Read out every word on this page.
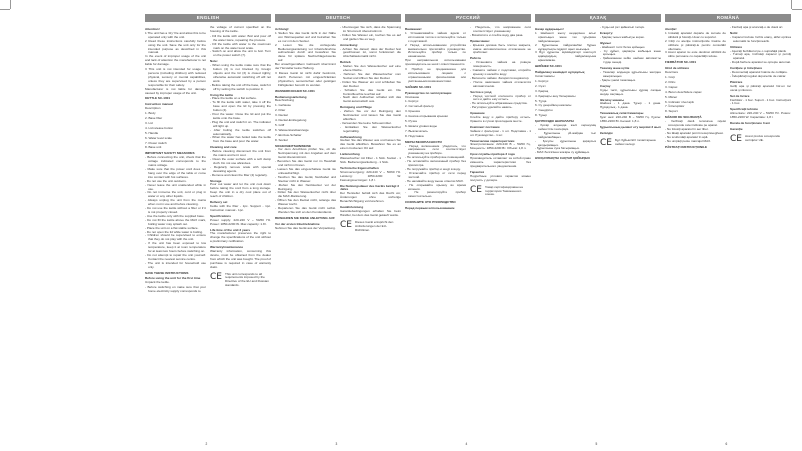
ENGLISH
Attention!
1 The unit has a 'dry' fire and allow this to be operated only with the unit.
2 Read these instructions carefully before using the unit. Save the unit only for the intended purpose as described in this manual.
In the event of improper usage of the unit and lack of attention the manufacturer is not liable for damage.
3 This unit is not intended for usage by persons (including children) with reduced physical, sensory or mental capabilities, unless they are supervised by a person responsible for their safety.
Manufacturer is not liable for damage caused by improper usage of the unit.
KETTLE SC-1001
Instruction manual
Description
1. Body
2. Base filter
3. Lid
4. Lid release button
5. Handle
6. Water level scale
7. Power switch
8. Base unit
IMPORTANT SAFETY MEASURES
- Before connecting the unit, check that the voltage indicated corresponds to the mains voltage.
- Make sure that the power cord does not hang over the edge of the table or come into contact with hot surfaces.
- Do not use the unit outdoors.
- Never leave the unit unattended while in use.
- Do not immerse the unit, cord or plug in water or any other liquids.
- Always unplug the unit from the mains when not in use and before cleaning.
- Do not use the kettle without a filter or if it is not properly closed.
- Use the kettle only with the supplied base.
- Do not fill the kettle above the MAX mark, boiling water may splash out.
- Place the unit on a flat stable surface.
- Do not open the lid while water is boiling.
- Children should be supervised to ensure that they do not play with the unit.
- If the unit has been exposed to low temperature, keep it at room temperature for at least two hours before switching on.
- Do not attempt to repair the unit yourself. Contact the nearest service centre.
- The unit is intended for household use only.
SAVE THESE INSTRUCTIONS
Before using the unit for the first time
Unpack the kettle.
- Before switching on make sure that your home electricity supply corresponds to
the voltage of current specified on the housing of the kettle.
- Fill the kettle with water. Boil and pour off the water twice, repeating the process.
- Fill the kettle with water to the maximum mark on the water level scale.
- Switch on and allow the unit to boil. Turn on the power switch (7).
Note:
- When using the kettle make sure that the button (4) is not blocked by foreign objects and the lid (3) is closed tightly, otherwise automatic switching off will not work.
- Before taking the unit off the base, switch it off by setting the switch to position 0.
Using the kettle
- Place the kettle on a flat surface.
- To fill the kettle with water, take it off the base and open the lid by pressing the button (4).
- Pour the water. Close the lid and put the kettle onto the base.
- Plug the unit and switch it on. The indicator will light up.
- After boiling the kettle switches off automatically.
- When the water has boiled take the kettle from the base and pour the water.
Cleaning and care
- Before cleaning disconnect the unit from the mains and let it cool.
- Clean the outer surface with a soft damp cloth. Do not use abrasives.
- Regularly remove scale with special descaling agents.
- Remove and clean the filter (2) regularly.
Storage
Pour out water and let the unit cool down before taking the cord from a long storage. Keep the unit in a dry cool place out of reach of children.
Delivery set
Kettle with the filter - 1pc. Support - 1pc. Instruction manual - 1pc.
Specifications
Power supply: 220-240 V ~ 50/60 Hz. Power: 1850-2200 W. Max capacity: 1.8 l.
Life time of the unit 3 years
The manufacturer preserves the right to change the specifications of the unit without a preliminary notification.
Warranty/maintenance
Warranty information, concerning this device, must be obtained from the dealer from which the unit was bought. The proof of purchase is required in case of warranty claim.
CE This unit corresponds to all requirements imposed by the Directive of the EU and Russian standards.
2
DEUTSCH
Achtung!
1 Stellen Sie das Gerät nicht in der Nähe von Wärmequellen auf und betreiben Sie es nur mit dem Sockel.
2 Lesen Sie die vorliegende Bedienungsanleitung vor Inbetriebnahme aufmerksam durch und bewahren Sie diese für spätere Nachschlagezwecke auf.
Bei unsachgemäßem Gebrauch übernimmt der Hersteller keine Haftung.
3 Dieses Gerät ist nicht dafür bestimmt, durch Personen mit eingeschränkten physischen, sensorischen oder geistigen Fähigkeiten benutzt zu werden.
WASSERKOCHER SC-1001
Bedienungsanleitung
Beschreibung
1. Gehäuse
2. Filter
3. Deckel
4. Deckel-Entriegelung
5. Griff
6. Wasserstandsanzeige
7. Ein/Aus-Schalter
8. Sockel
SICHERHEITSHINWEISE
- Vor dem Anschluss prüfen Sie, ob die Netzspannung mit den Angaben auf dem Gerät übereinstimmt.
- Benutzen Sie das Gerät nur im Haushalt und nicht im Freien.
- Lassen Sie das eingeschaltete Gerät nie unbeaufsichtigt.
- Tauchen Sie das Gerät, Netzkabel und Stecker nicht in Wasser.
- Ziehen Sie den Netzstecker vor der Reinigung.
- Füllen Sie den Wasserkocher nicht über die MAX-Markierung.
- Öffnen Sie den Deckel nicht, solange das Wasser kocht.
- Reparieren Sie das Gerät nicht selbst. Wenden Sie sich an den Kundendienst.
BEWAHREN SIE DIESE ANLEITUNG AUF
Vor der ersten Inbetriebnahme
Nehmen Sie das Gerät aus der Verpackung.
- Überzeugen Sie sich, dass die Spannung im Stromnetz übereinstimmt.
- Füllen Sie Wasser ein, kochen Sie es auf und gießen Sie es weg.
Anmerkung:
- Achten Sie darauf, dass der Deckel fest geschlossen ist, sonst funktioniert die Abschaltautomatik nicht.
Betrieb
- Stellen Sie den Wasserkocher auf eine ebene Fläche.
- Nehmen Sie den Wasserkocher vom Sockel und öffnen Sie den Deckel.
- Füllen Sie Wasser ein und schließen Sie den Deckel.
- Schalten Sie das Gerät ein. Die Kontrollleuchte leuchtet auf.
- Nach dem Aufkochen schaltet sich das Gerät automatisch aus.
Reinigung und Pflege
- Ziehen Sie vor der Reinigung den Netzstecker und lassen Sie das Gerät abkühlen.
- Verwenden Sie keine Scheuermittel.
- Entkalken Sie den Wasserkocher regelmäßig.
Aufbewahrung
Gießen Sie das Wasser aus und lassen Sie das Gerät abkühlen. Bewahren Sie es an einem trockenen Ort auf.
Lieferumfang
Wasserkocher mit Filter - 1 Stck. Sockel - 1 Stck. Bedienungsanleitung - 1 Stck.
Technische Eigenschaften
Stromversorgung: 220-240 V ~ 50/60 Hz. Leistung: 1850-2200 W. Fassungsvermögen: 1,8 l.
Die Nutzungsdauer des Geräts beträgt 3 Jahre
Der Hersteller behält sich das Recht vor, Änderungen ohne vorherige Benachrichtigung vorzunehmen.
Gewährleistung
Garantiebedingungen erhalten Sie beim Händler, bei dem das Gerät gekauft wurde.
CE Dieses Gerät entspricht den Anforderungen der EU-Richtlinien.
3
РУССКИЙ
Внимание!
1 Устанавливайте чайник вдали от источников тепла и используйте только с подставкой.
2 Перед использованием устройства внимательно прочитайте руководство. Используйте прибор только по назначению.
При неправильном использовании производитель не несёт ответственности.
3 Прибор не предназначен для использования лицами с ограниченными физическими или умственными возможностями.
ЧАЙНИК SC-1001
Руководство по эксплуатации
Описание
1. Корпус
2. Сетчатый фильтр
3. Крышка
4. Кнопка открывания крышки
5. Ручка
6. Шкала уровня воды
7. Выключатель
8. Подставка
МЕРЫ БЕЗОПАСНОСТИ
- Перед включением убедитесь, что напряжение сети соответствует указанному на приборе.
- Не используйте прибор вне помещений.
- Не оставляйте включённый прибор без присмотра.
- Не погружайте прибор и шнур в воду.
- Отключайте прибор от сети перед чисткой.
- Не наливайте воду выше отметки MAX.
- Не открывайте крышку во время кипения.
- Не ремонтируйте прибор самостоятельно.
СОХРАНИТЕ ЭТО РУКОВОДСТВО
Перед первым использованием
- Убедитесь, что напряжение сети соответствует указанному.
- Вскипятите и слейте воду два раза.
Примечание:
- Крышка должна быть плотно закрыта, иначе автоматическое отключение не сработает.
Работа
- Установите чайник на ровную поверхность.
- Снимите чайник с подставки, откройте крышку и налейте воду.
- Включите чайник. Загорится индикатор.
- После закипания чайник отключится автоматически.
Чистка и уход
- Перед чисткой отключите прибор от сети и дайте ему остыть.
- Не используйте абразивные средства.
- Регулярно удаляйте накипь.
Хранение
Слейте воду и дайте прибору остыть. Храните в сухом прохладном месте.
Комплект поставки
Чайник с фильтром - 1 шт. Подставка - 1 шт. Руководство - 1 шт.
Технические характеристики
Электропитание: 220-240 В ~ 50/60 Гц. Мощность: 1850-2200 Вт. Объём: 1,8 л.
Срок службы прибора 3 года
Производитель оставляет за собой право изменять характеристики без предварительного уведомления.
Гарантия
Подробные условия гарантии можно получить у дилера.
CE Товар сертифицирован на территории Таможенного союза.
4
ҚАЗАҚ
Назар аударыңыз!
1 Шәйнекті жылу көздерінен алыс орнатыңыз және тек тұғырмен пайдаланыңыз.
2 Құрылғыны пайдаланбас бұрын нұсқаулықты мұқият оқып шығыңыз.
3 Бұл құрылғы мүмкіндіктері шектеулі адамдардың пайдалануына арналмаған.
ШӘЙНЕК SC-1001
Пайдалану жөніндегі нұсқаулық
Сипаттамасы
1. Корпус
2. Сүзгі
3. Қақпақ
4. Қақпақты ашу батырмасы
5. Тұтқа
6. Су деңгейінің шкаласы
7. Сөндіргіш
8. Тұғыр
ҚАУІПСІЗДІК ШАРАЛАРЫ
- Қосар алдында желі кернеуінің сәйкестігін тексеріңіз.
- Құрылғыны үй-жайдан тыс пайдаланбаңыз.
- Қосулы құрылғыны қараусыз қалдырмаңыз.
- Құрылғыны суға батырмаңыз.
- MAX белгісінен жоғары су құймаңыз.
НҰСҚАУЛЫҚТЫ САҚТАП ҚОЙЫҢЫЗ
- Суды екі рет қайнатып төгіңіз.
Ескерту:
- Қақпақ тығыз жабылуы керек.
Жұмыс
- Шәйнекті тегіс бетке қойыңыз.
- Су құйып, қақпақты жабыңыз және қосыңыз.
- Қайнағаннан кейін шәйнек автоматты түрде сөнеді.
Тазалау және күтім
- Тазалар алдында құрылғыны желіден ажыратыңыз.
- Қақты үнемі тазалаңыз.
Сақтау
Суды төгіп, құрылғыны құрғақ салқын жерде сақтаңыз.
Жеткізу жинағы
Шәйнек - 1 дана. Тұғыр - 1 дана. Нұсқаулық - 1 дана.
Техникалық сипаттамалары
Қуат көзі: 220-240 В ~ 50/60 Гц. Қуаты: 1850-2200 Вт. Көлемі: 1,8 л.
Құрылғының қызмет ету мерзімі 3 жыл
Кепілдік
CE Бұл бұйым ЕО талаптарына сәйкес келеді.
5
ROMÂNĂ
Atenţie!
1 Instalaţi aparatul departe de sursele de căldură şi folosiţi-l doar cu suportul.
2 Citiţi cu atenţie instrucţiunile înainte de utilizare şi păstraţi-le pentru consultări ulterioare.
3 Acest aparat nu este destinat utilizării de către persoane cu capacităţi reduse.
FIERBĂTOR SC-1001
Ghid de utilizare
Descriere
1. Corp
2. Filtru
3. Capac
4. Buton deschidere capac
5. Mâner
6. Indicator nivel apă
7. Întrerupător
8. Suport
MĂSURI DE SIGURANŢĂ
- Verificaţi dacă tensiunea reţelei corespunde celei indicate pe aparat.
- Nu folosiţi aparatul în aer liber.
- Nu lăsaţi aparatul pornit nesupravegheat.
- Nu scufundaţi aparatul în apă.
- Nu umpleţi peste marcajul MAX.
PĂSTRAŢI INSTRUCŢIUNILE
- Fierbeţi apa şi aruncaţi-o de două ori.
Notă:
- Capacul trebuie închis etanş, altfel oprirea automată nu funcţionează.
Utilizare
- Aşezaţi fierbătorul pe o suprafaţă plană.
- Turnaţi apa, închideţi capacul şi porniţi aparatul.
- După fierbere aparatul se opreşte automat.
Curăţare şi întreţinere
- Deconectaţi aparatul înainte de curăţare.
- Îndepărtaţi regulat depunerile de calcar.
Păstrare
Goliţi apa şi păstraţi aparatul într-un loc uscat şi răcoros.
Set de livrare
Fierbător - 1 buc. Suport - 1 buc. Instrucţiuni - 1 buc.
Specificaţii tehnice
Alimentare: 220-240 V ~ 50/60 Hz. Putere: 1850-2200 W. Capacitate: 1,8 l.
Durata de funcţionare 3 ani
Garanţie
CE Acest produs corespunde cerinţelor UE.
6
